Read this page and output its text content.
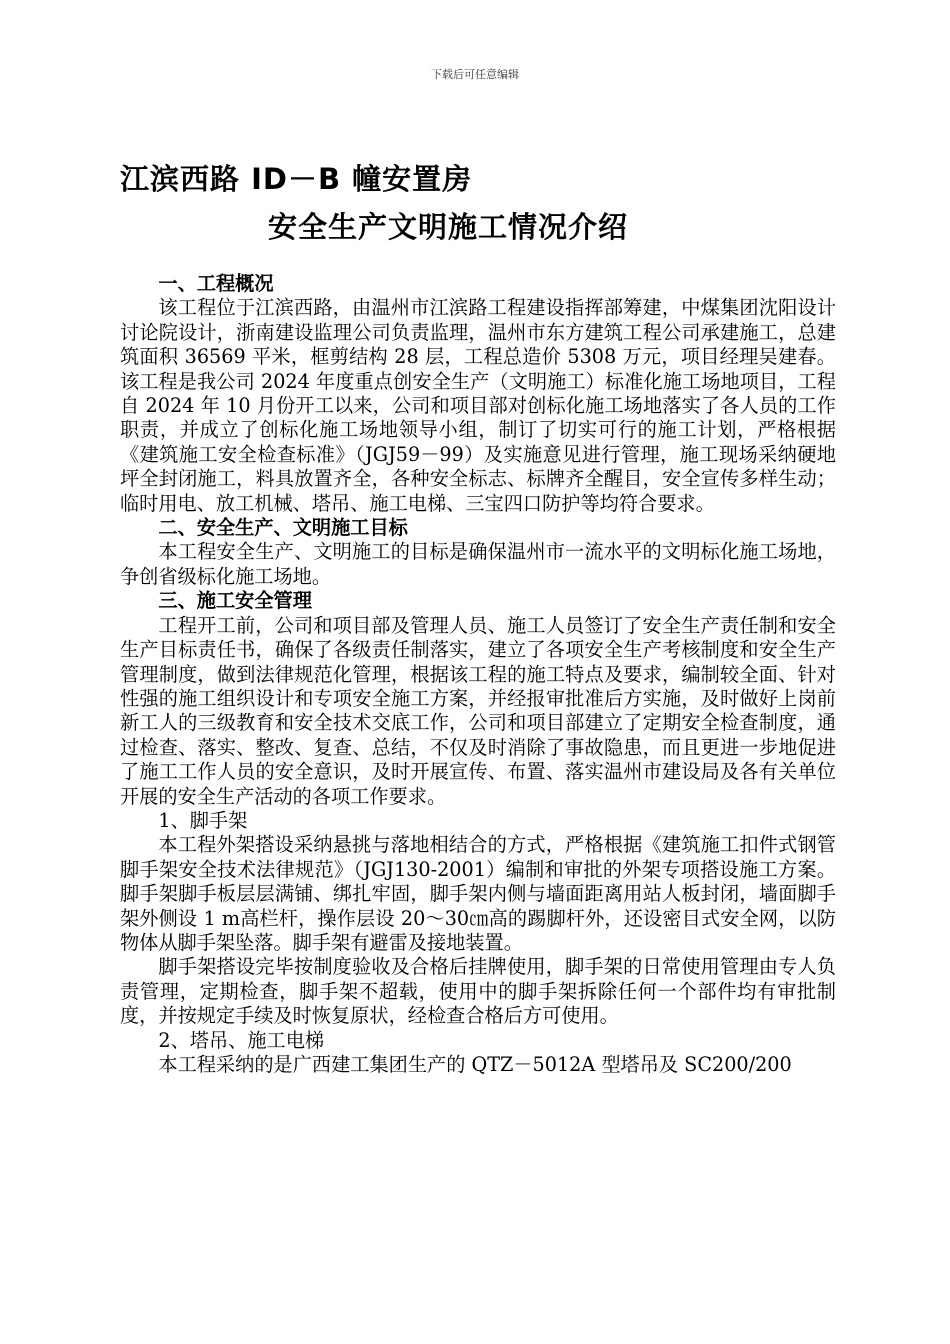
下载后可任意编辑
江滨西路 ID－B 幢安置房
安全生产文明施工情况介绍

一、工程概况

该工程位于江滨西路，由温州市江滨路工程建设指挥部筹建，中煤集团沈阳设计讨论院设计，浙南建设监理公司负责监理，温州市东方建筑工程公司承建施工，总建筑面积 36569 平米，框剪结构 28 层，工程总造价 5308 万元，项目经理吴建春。该工程是我公司 2024 年度重点创安全生产（文明施工）标准化施工场地项目，工程自 2024 年 10 月份开工以来，公司和项目部对创标化施工场地落实了各人员的工作职责，并成立了创标化施工场地领导小组，制订了切实可行的施工计划，严格根据《建筑施工安全检查标准》（JGJ59－99）及实施意见进行管理，施工现场采纳硬地坪全封闭施工，料具放置齐全，各种安全标志、标牌齐全醒目，安全宣传多样生动；临时用电、放工机械、塔吊、施工电梯、三宝四口防护等均符合要求。

二、安全生产、文明施工目标

本工程安全生产、文明施工的目标是确保温州市一流水平的文明标化施工场地，争创省级标化施工场地。

三、施工安全管理

工程开工前，公司和项目部及管理人员、施工人员签订了安全生产责任制和安全生产目标责任书，确保了各级责任制落实，建立了各项安全生产考核制度和安全生产管理制度，做到法律规范化管理，根据该工程的施工特点及要求，编制较全面、针对性强的施工组织设计和专项安全施工方案，并经报审批准后方实施，及时做好上岗前新工人的三级教育和安全技术交底工作，公司和项目部建立了定期安全检查制度，通过检查、落实、整改、复查、总结，不仅及时消除了事故隐患，而且更进一步地促进了施工工作人员的安全意识，及时开展宣传、布置、落实温州市建设局及各有关单位开展的安全生产活动的各项工作要求。

1、脚手架

本工程外架搭设采纳悬挑与落地相结合的方式，严格根据《建筑施工扣件式钢管脚手架安全技术法律规范》（JGJ130-2001）编制和审批的外架专项搭设施工方案。脚手架脚手板层层满铺、绑扎牢固，脚手架内侧与墙面距离用站人板封闭，墙面脚手架外侧设 1 m高栏杆，操作层设 20～30㎝高的踢脚杆外，还设密目式安全网，以防物体从脚手架坠落。脚手架有避雷及接地装置。

脚手架搭设完毕按制度验收及合格后挂牌使用，脚手架的日常使用管理由专人负责管理，定期检查，脚手架不超载，使用中的脚手架拆除任何一个部件均有审批制度，并按规定手续及时恢复原状，经检查合格后方可使用。

2、塔吊、施工电梯

本工程采纳的是广西建工集团生产的 QTZ－5012A 型塔吊及 SC200/200
